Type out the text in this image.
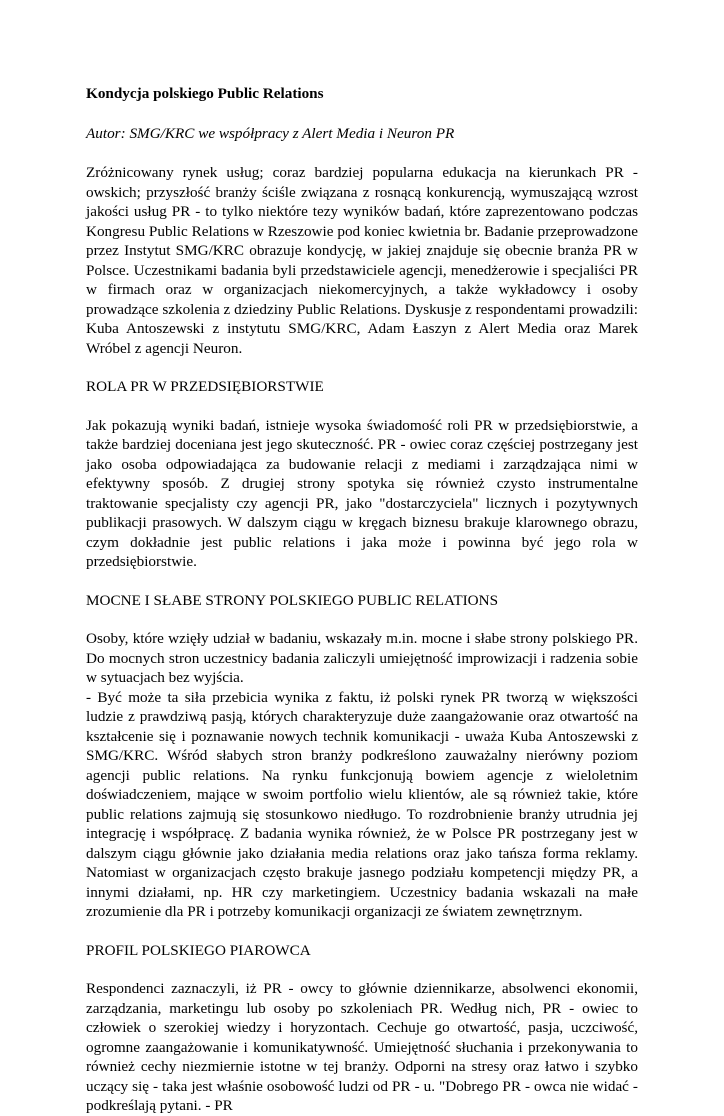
Kondycja polskiego Public Relations

Autor: SMG/KRC we współpracy z Alert Media i Neuron PR

Zróżnicowany rynek usług; coraz bardziej popularna edukacja na kierunkach PR - owskich; przyszłość branży ściśle związana z rosnącą konkurencją, wymuszającą wzrost jakości usług PR - to tylko niektóre tezy wyników badań, które zaprezentowano podczas Kongresu Public Relations w Rzeszowie pod koniec kwietnia br. Badanie przeprowadzone przez Instytut SMG/KRC obrazuje kondycję, w jakiej znajduje się obecnie branża PR w Polsce. Uczestnikami badania byli przedstawiciele agencji, menedżerowie i specjaliści PR w firmach oraz w organizacjach niekomercyjnych, a także wykładowcy i osoby prowadzące szkolenia z dziedziny Public Relations. Dyskusje z respondentami prowadzili: Kuba Antoszewski z instytutu SMG/KRC, Adam Łaszyn z Alert Media oraz Marek Wróbel z agencji Neuron.

ROLA PR W PRZEDSIĘBIORSTWIE

Jak pokazują wyniki badań, istnieje wysoka świadomość roli PR w przedsiębiorstwie, a także bardziej doceniana jest jego skuteczność. PR - owiec coraz częściej postrzegany jest jako osoba odpowiadająca za budowanie relacji z mediami i zarządzająca nimi w efektywny sposób. Z drugiej strony spotyka się również czysto instrumentalne traktowanie specjalisty czy agencji PR, jako "dostarczyciela" licznych i pozytywnych publikacji prasowych. W dalszym ciągu w kręgach biznesu brakuje klarownego obrazu, czym dokładnie jest public relations i jaka może i powinna być jego rola w przedsiębiorstwie.

MOCNE I SŁABE STRONY POLSKIEGO PUBLIC RELATIONS

Osoby, które wzięły udział w badaniu, wskazały m.in. mocne i słabe strony polskiego PR. Do mocnych stron uczestnicy badania zaliczyli umiejętność improwizacji i radzenia sobie w sytuacjach bez wyjścia.

- Być może ta siła przebicia wynika z faktu, iż polski rynek PR tworzą w większości ludzie z prawdziwą pasją, których charakteryzuje duże zaangażowanie oraz otwartość na kształcenie się i poznawanie nowych technik komunikacji - uważa Kuba Antoszewski z SMG/KRC. Wśród słabych stron branży podkreślono zauważalny nierówny poziom agencji public relations. Na rynku funkcjonują bowiem agencje z wieloletnim doświadczeniem, mające w swoim portfolio wielu klientów, ale są również takie, które public relations zajmują się stosunkowo niedługo. To rozdrobnienie branży utrudnia jej integrację i współpracę. Z badania wynika również, że w Polsce PR postrzegany jest w dalszym ciągu głównie jako działania media relations oraz jako tańsza forma reklamy. Natomiast w organizacjach często brakuje jasnego podziału kompetencji między PR, a innymi działami, np. HR czy marketingiem. Uczestnicy badania wskazali na małe zrozumienie dla PR i potrzeby komunikacji organizacji ze światem zewnętrznym.

PROFIL POLSKIEGO PIAROWCA

Respondenci zaznaczyli, iż PR - owcy to głównie dziennikarze, absolwenci ekonomii, zarządzania, marketingu lub osoby po szkoleniach PR. Według nich, PR - owiec to człowiek o szerokiej wiedzy i horyzontach. Cechuje go otwartość, pasja, uczciwość, ogromne zaangażowanie i komunikatywność. Umiejętność słuchania i przekonywania to również cechy niezmiernie istotne w tej branży. Odporni na stresy oraz łatwo i szybko uczący się - taka jest właśnie osobowość ludzi od PR - u. "Dobrego PR - owca nie widać - podkreślają pytani. - PR
